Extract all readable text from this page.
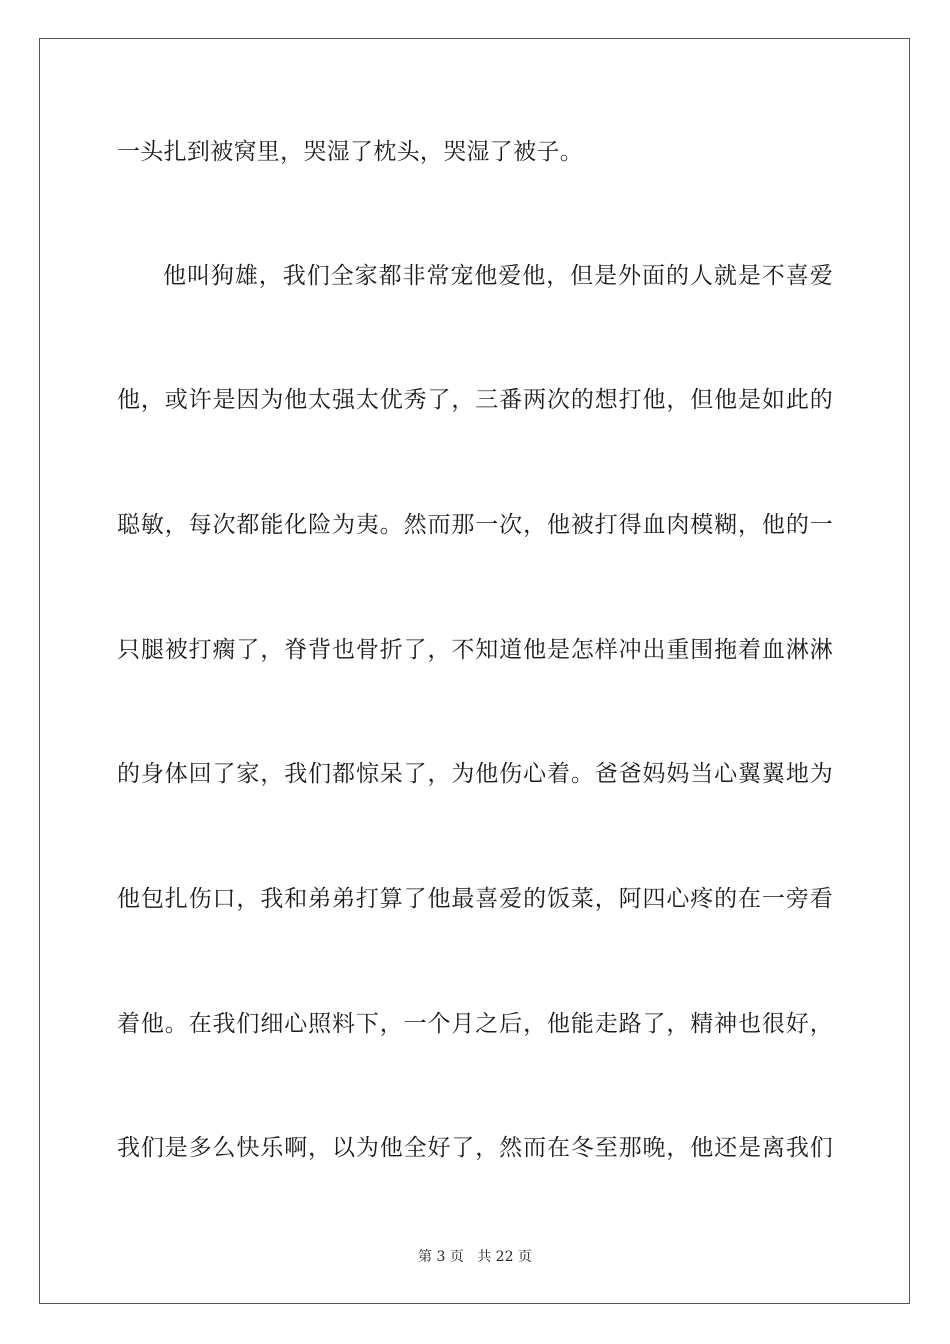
一头扎到被窝里，哭湿了枕头，哭湿了被子。
他叫狗雄，我们全家都非常宠他爱他，但是外面的人就是不喜爱
他，或许是因为他太强太优秀了，三番两次的想打他，但他是如此的
聪敏，每次都能化险为夷。然而那一次，他被打得血肉模糊，他的一
只腿被打瘸了，脊背也骨折了，不知道他是怎样冲出重围拖着血淋淋
的身体回了家，我们都惊呆了，为他伤心着。爸爸妈妈当心翼翼地为
他包扎伤口，我和弟弟打算了他最喜爱的饭菜，阿四心疼的在一旁看
着他。在我们细心照料下，一个月之后，他能走路了，精神也很好，
我们是多么快乐啊，以为他全好了，然而在冬至那晚，他还是离我们
第 3 页 共 22 页
